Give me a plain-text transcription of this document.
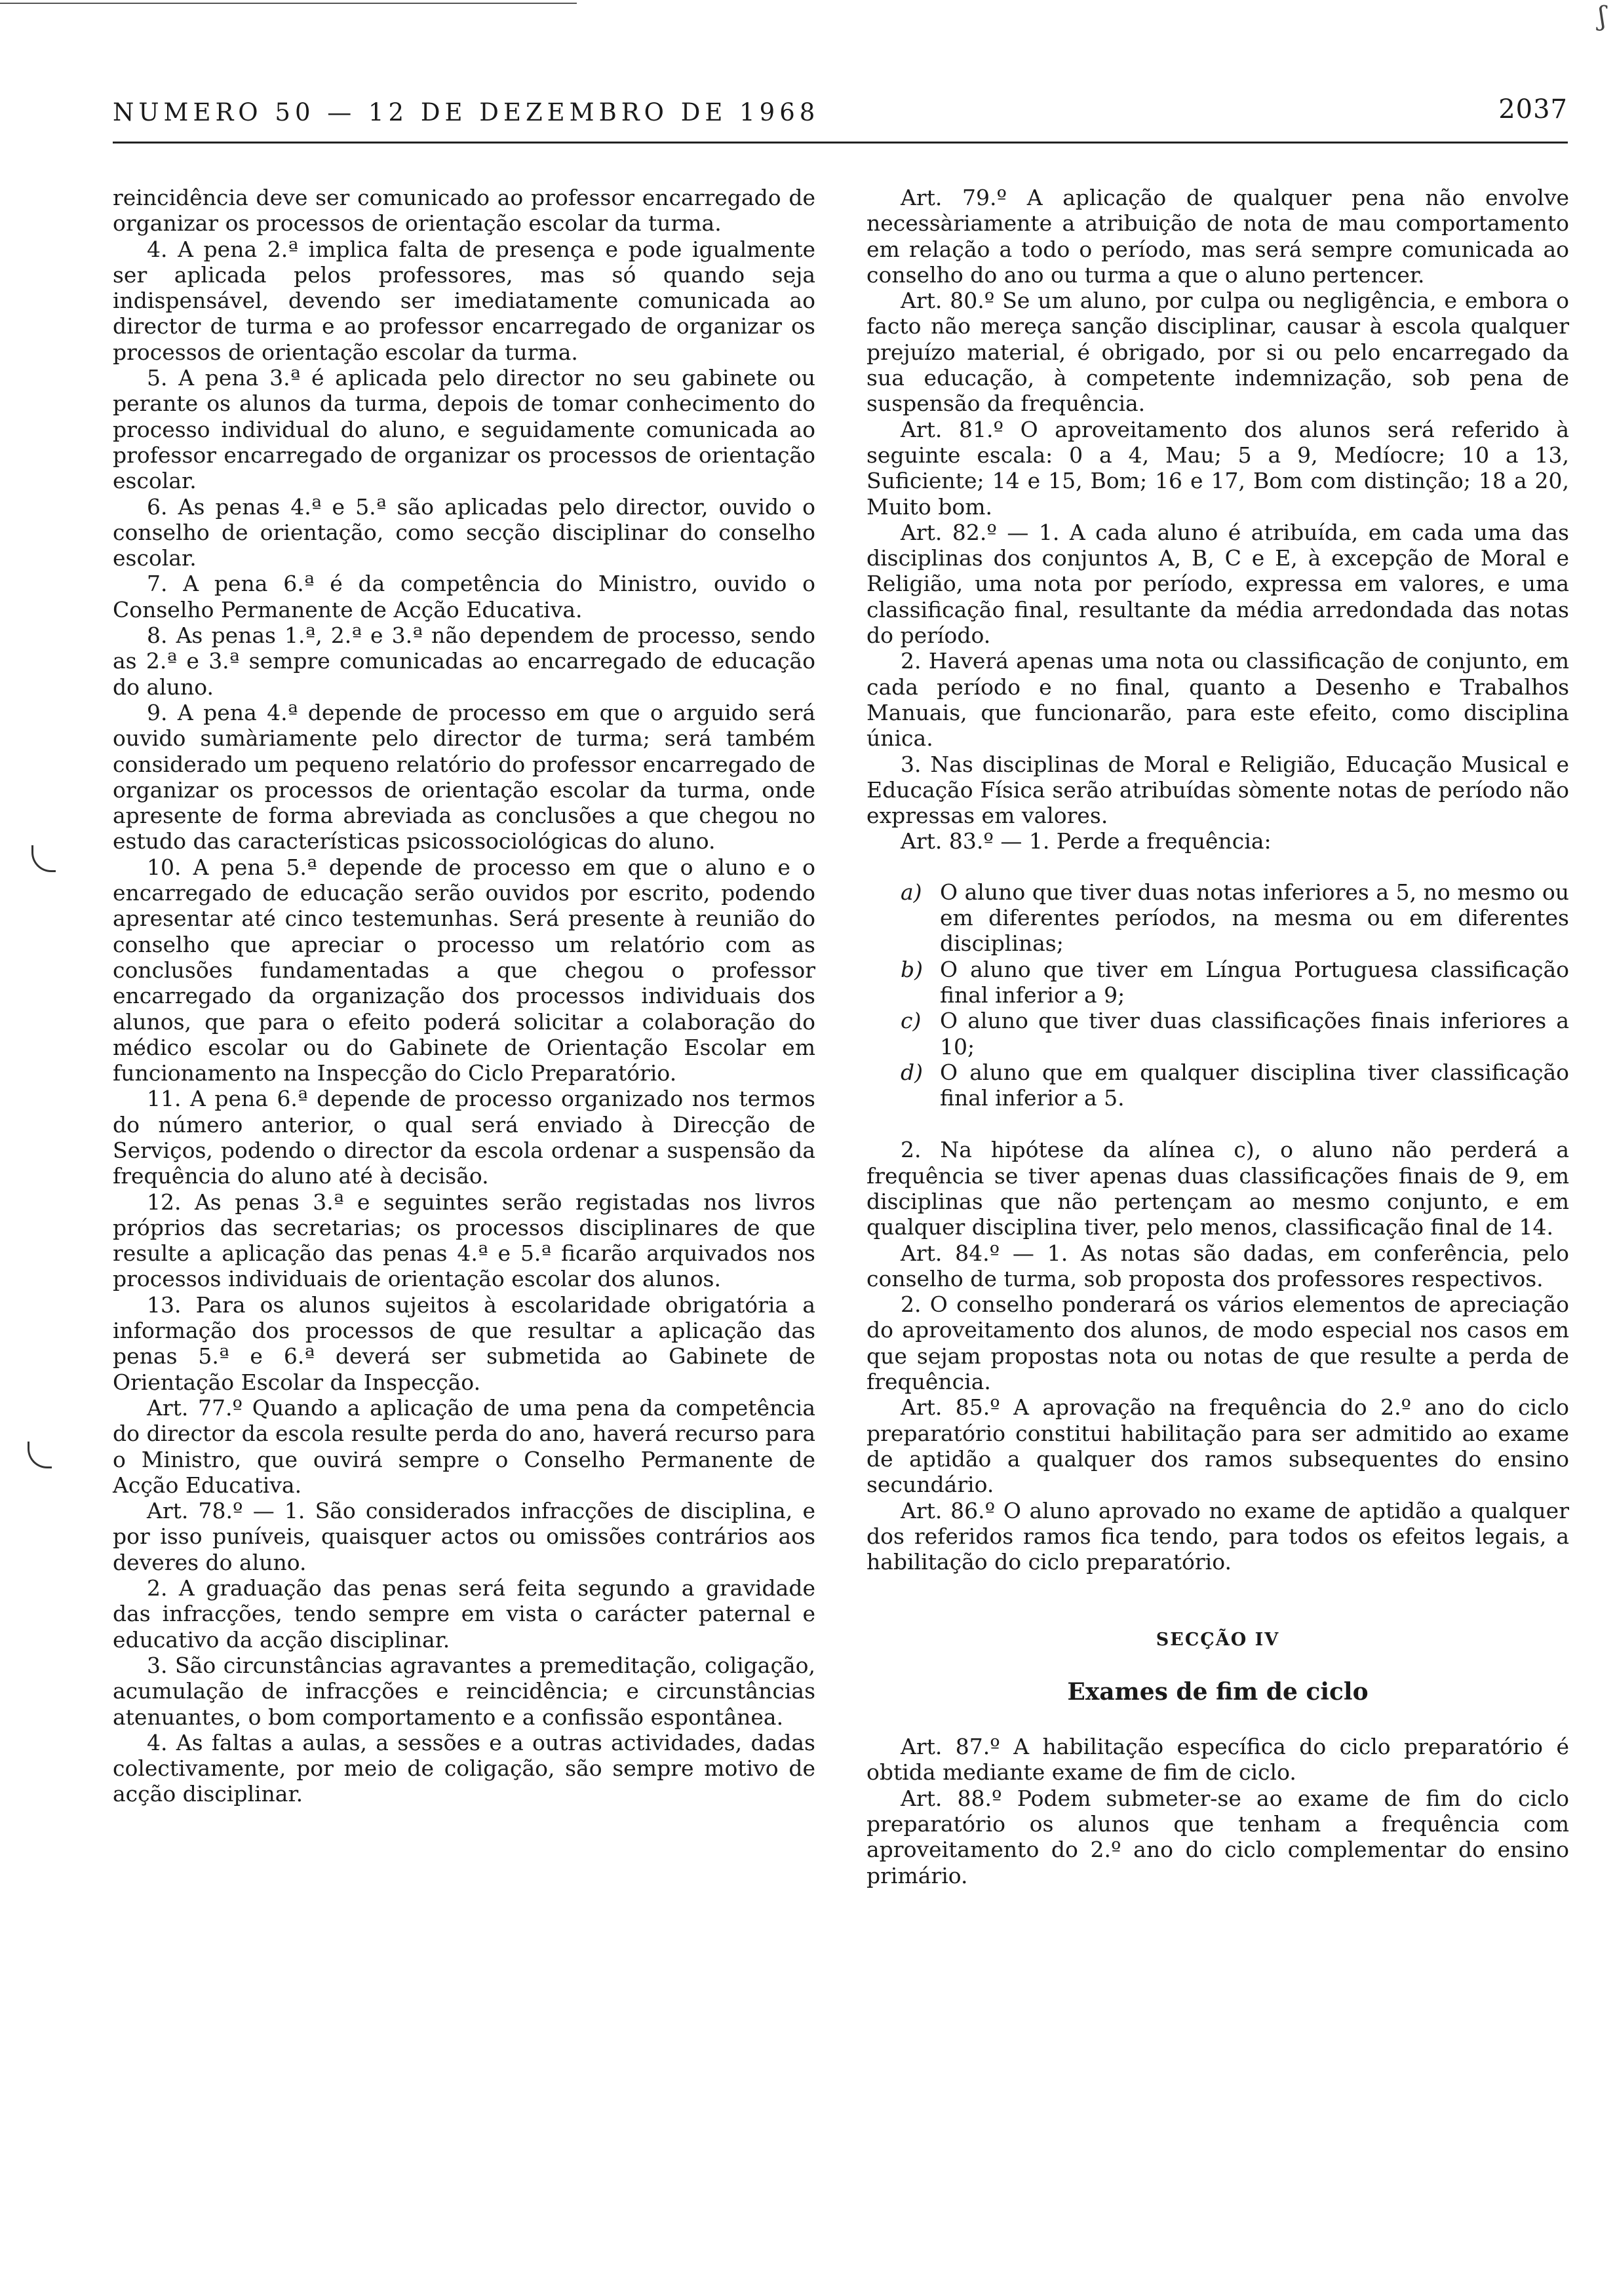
ʃ
NUMERO 50 — 12 DE DEZEMBRO DE 1968	2037

reincidência deve ser comunicado ao professor encarregado de organizar os processos de orientação escolar da turma.

4. A pena 2.ª implica falta de presença e pode igualmente ser aplicada pelos professores, mas só quando seja indispensável, devendo ser imediatamente comunicada ao director de turma e ao professor encarregado de organizar os processos de orientação escolar da turma.

5. A pena 3.ª é aplicada pelo director no seu gabinete ou perante os alunos da turma, depois de tomar conhecimento do processo individual do aluno, e seguidamente comunicada ao professor encarregado de organizar os processos de orientação escolar.

6. As penas 4.ª e 5.ª são aplicadas pelo director, ouvido o conselho de orientação, como secção disciplinar do conselho escolar.

7. A pena 6.ª é da competência do Ministro, ouvido o Conselho Permanente de Acção Educativa.

8. As penas 1.ª, 2.ª e 3.ª não dependem de processo, sendo as 2.ª e 3.ª sempre comunicadas ao encarregado de educação do aluno.

9. A pena 4.ª depende de processo em que o arguido será ouvido sumàriamente pelo director de turma; será também considerado um pequeno relatório do professor encarregado de organizar os processos de orientação escolar da turma, onde apresente de forma abreviada as conclusões a que chegou no estudo das características psicossociológicas do aluno.

10. A pena 5.ª depende de processo em que o aluno e o encarregado de educação serão ouvidos por escrito, podendo apresentar até cinco testemunhas. Será presente à reunião do conselho que apreciar o processo um relatório com as conclusões fundamentadas a que chegou o professor encarregado da organização dos processos individuais dos alunos, que para o efeito poderá solicitar a colaboração do médico escolar ou do Gabinete de Orientação Escolar em funcionamento na Inspecção do Ciclo Preparatório.

11. A pena 6.ª depende de processo organizado nos termos do número anterior, o qual será enviado à Direcção de Serviços, podendo o director da escola ordenar a suspensão da frequência do aluno até à decisão.

12. As penas 3.ª e seguintes serão registadas nos livros próprios das secretarias; os processos disciplinares de que resulte a aplicação das penas 4.ª e 5.ª ficarão arquivados nos processos individuais de orientação escolar dos alunos.

13. Para os alunos sujeitos à escolaridade obrigatória a informação dos processos de que resultar a aplicação das penas 5.ª e 6.ª deverá ser submetida ao Gabinete de Orientação Escolar da Inspecção.

Art. 77.º Quando a aplicação de uma pena da competência do director da escola resulte perda do ano, haverá recurso para o Ministro, que ouvirá sempre o Conselho Permanente de Acção Educativa.

Art. 78.º — 1. São considerados infracções de disciplina, e por isso puníveis, quaisquer actos ou omissões contrários aos deveres do aluno.

2. A graduação das penas será feita segundo a gravidade das infracções, tendo sempre em vista o carácter paternal e educativo da acção disciplinar.

3. São circunstâncias agravantes a premeditação, coligação, acumulação de infracções e reincidência; e circunstâncias atenuantes, o bom comportamento e a confissão espontânea.

4. As faltas a aulas, a sessões e a outras actividades, dadas colectivamente, por meio de coligação, são sempre motivo de acção disciplinar.

Art. 79.º A aplicação de qualquer pena não envolve necessàriamente a atribuição de nota de mau comportamento em relação a todo o período, mas será sempre comunicada ao conselho do ano ou turma a que o aluno pertencer.

Art. 80.º Se um aluno, por culpa ou negligência, e embora o facto não mereça sanção disciplinar, causar à escola qualquer prejuízo material, é obrigado, por si ou pelo encarregado da sua educação, à competente indemnização, sob pena de suspensão da frequência.

Art. 81.º O aproveitamento dos alunos será referido à seguinte escala: 0 a 4, Mau; 5 a 9, Medíocre; 10 a 13, Suficiente; 14 e 15, Bom; 16 e 17, Bom com distinção; 18 a 20, Muito bom.

Art. 82.º — 1. A cada aluno é atribuída, em cada uma das disciplinas dos conjuntos A, B, C e E, à excepção de Moral e Religião, uma nota por período, expressa em valores, e uma classificação final, resultante da média arredondada das notas do período.

2. Haverá apenas uma nota ou classificação de conjunto, em cada período e no final, quanto a Desenho e Trabalhos Manuais, que funcionarão, para este efeito, como disciplina única.

3. Nas disciplinas de Moral e Religião, Educação Musical e Educação Física serão atribuídas sòmente notas de período não expressas em valores.

Art. 83.º — 1. Perde a frequência:

a) O aluno que tiver duas notas inferiores a 5, no mesmo ou em diferentes períodos, na mesma ou em diferentes disciplinas;
b) O aluno que tiver em Língua Portuguesa classificação final inferior a 9;
c) O aluno que tiver duas classificações finais inferiores a 10;
d) O aluno que em qualquer disciplina tiver classificação final inferior a 5.

2. Na hipótese da alínea c), o aluno não perderá a frequência se tiver apenas duas classificações finais de 9, em disciplinas que não pertençam ao mesmo conjunto, e em qualquer disciplina tiver, pelo menos, classificação final de 14.

Art. 84.º — 1. As notas são dadas, em conferência, pelo conselho de turma, sob proposta dos professores respectivos.

2. O conselho ponderará os vários elementos de apreciação do aproveitamento dos alunos, de modo especial nos casos em que sejam propostas nota ou notas de que resulte a perda de frequência.

Art. 85.º A aprovação na frequência do 2.º ano do ciclo preparatório constitui habilitação para ser admitido ao exame de aptidão a qualquer dos ramos subsequentes do ensino secundário.

Art. 86.º O aluno aprovado no exame de aptidão a qualquer dos referidos ramos fica tendo, para todos os efeitos legais, a habilitação do ciclo preparatório.

SECÇÃO IV
Exames de fim de ciclo

Art. 87.º A habilitação específica do ciclo preparatório é obtida mediante exame de fim de ciclo.

Art. 88.º Podem submeter-se ao exame de fim do ciclo preparatório os alunos que tenham a frequência com aproveitamento do 2.º ano do ciclo complementar do ensino primário.
